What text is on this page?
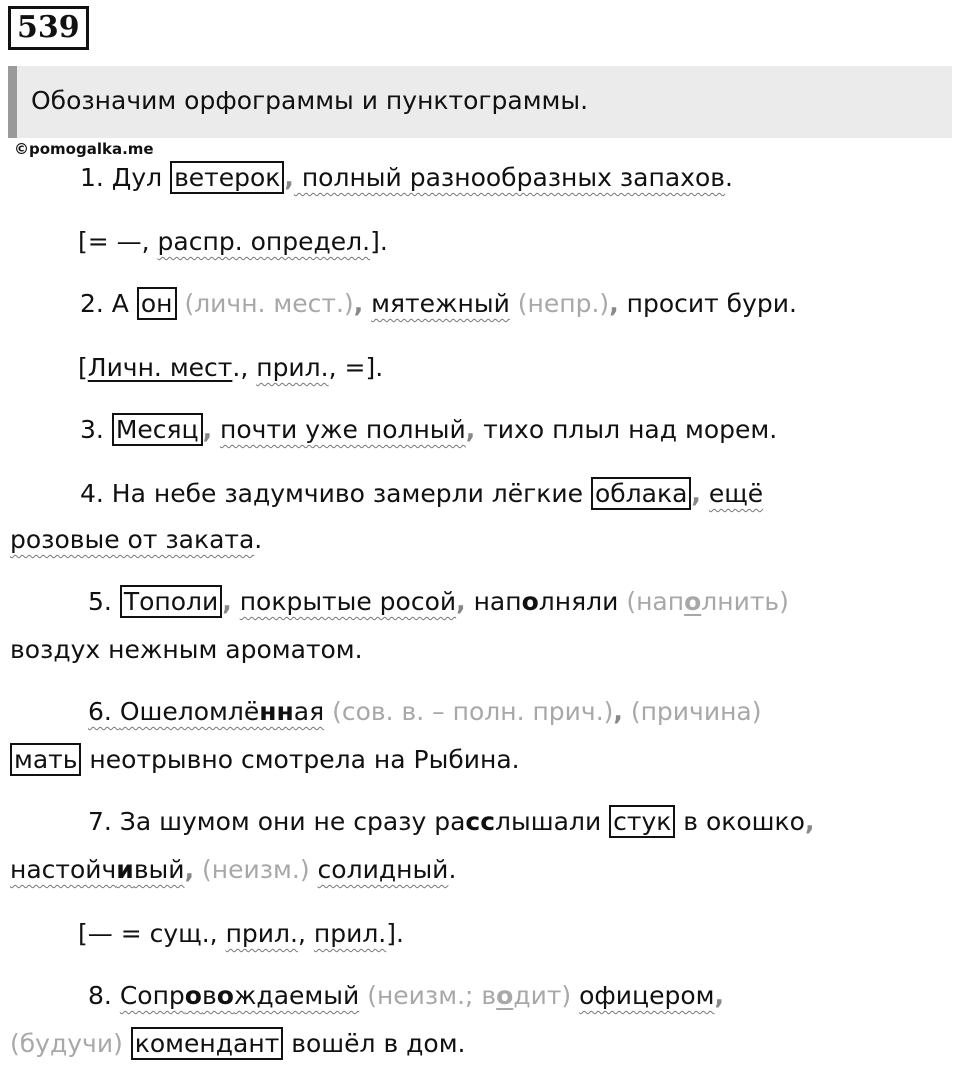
539
Обозначим орфограммы и пунктограммы.
©pomogalka.me
1. Дул ветерок , полный разнообразных запахов.
[= —, распр. определ.].
2. А он (личн. мест.), мятежный (непр.), просит бури.
[Личн. мест., прил., =].
3. Месяц , почти уже полный, тихо плыл над морем.
4. На небе задумчиво замерли лёгкие облака , ещё
розовые от заката.
5. Тополи , покрытые росой, наполняли (наполнить)
воздух нежным ароматом.
6. Ошеломлённая (сов. в. – полн. прич.), (причина)
мать неотрывно смотрела на Рыбина.
7. За шумом они не сразу расслышали стук в окошко,
настойчивый, (неизм.) солидный.
[— = сущ., прил., прил.].
8. Сопровождаемый (неизм.; водит) офицером,
(будучи) комендант вошёл в дом.
